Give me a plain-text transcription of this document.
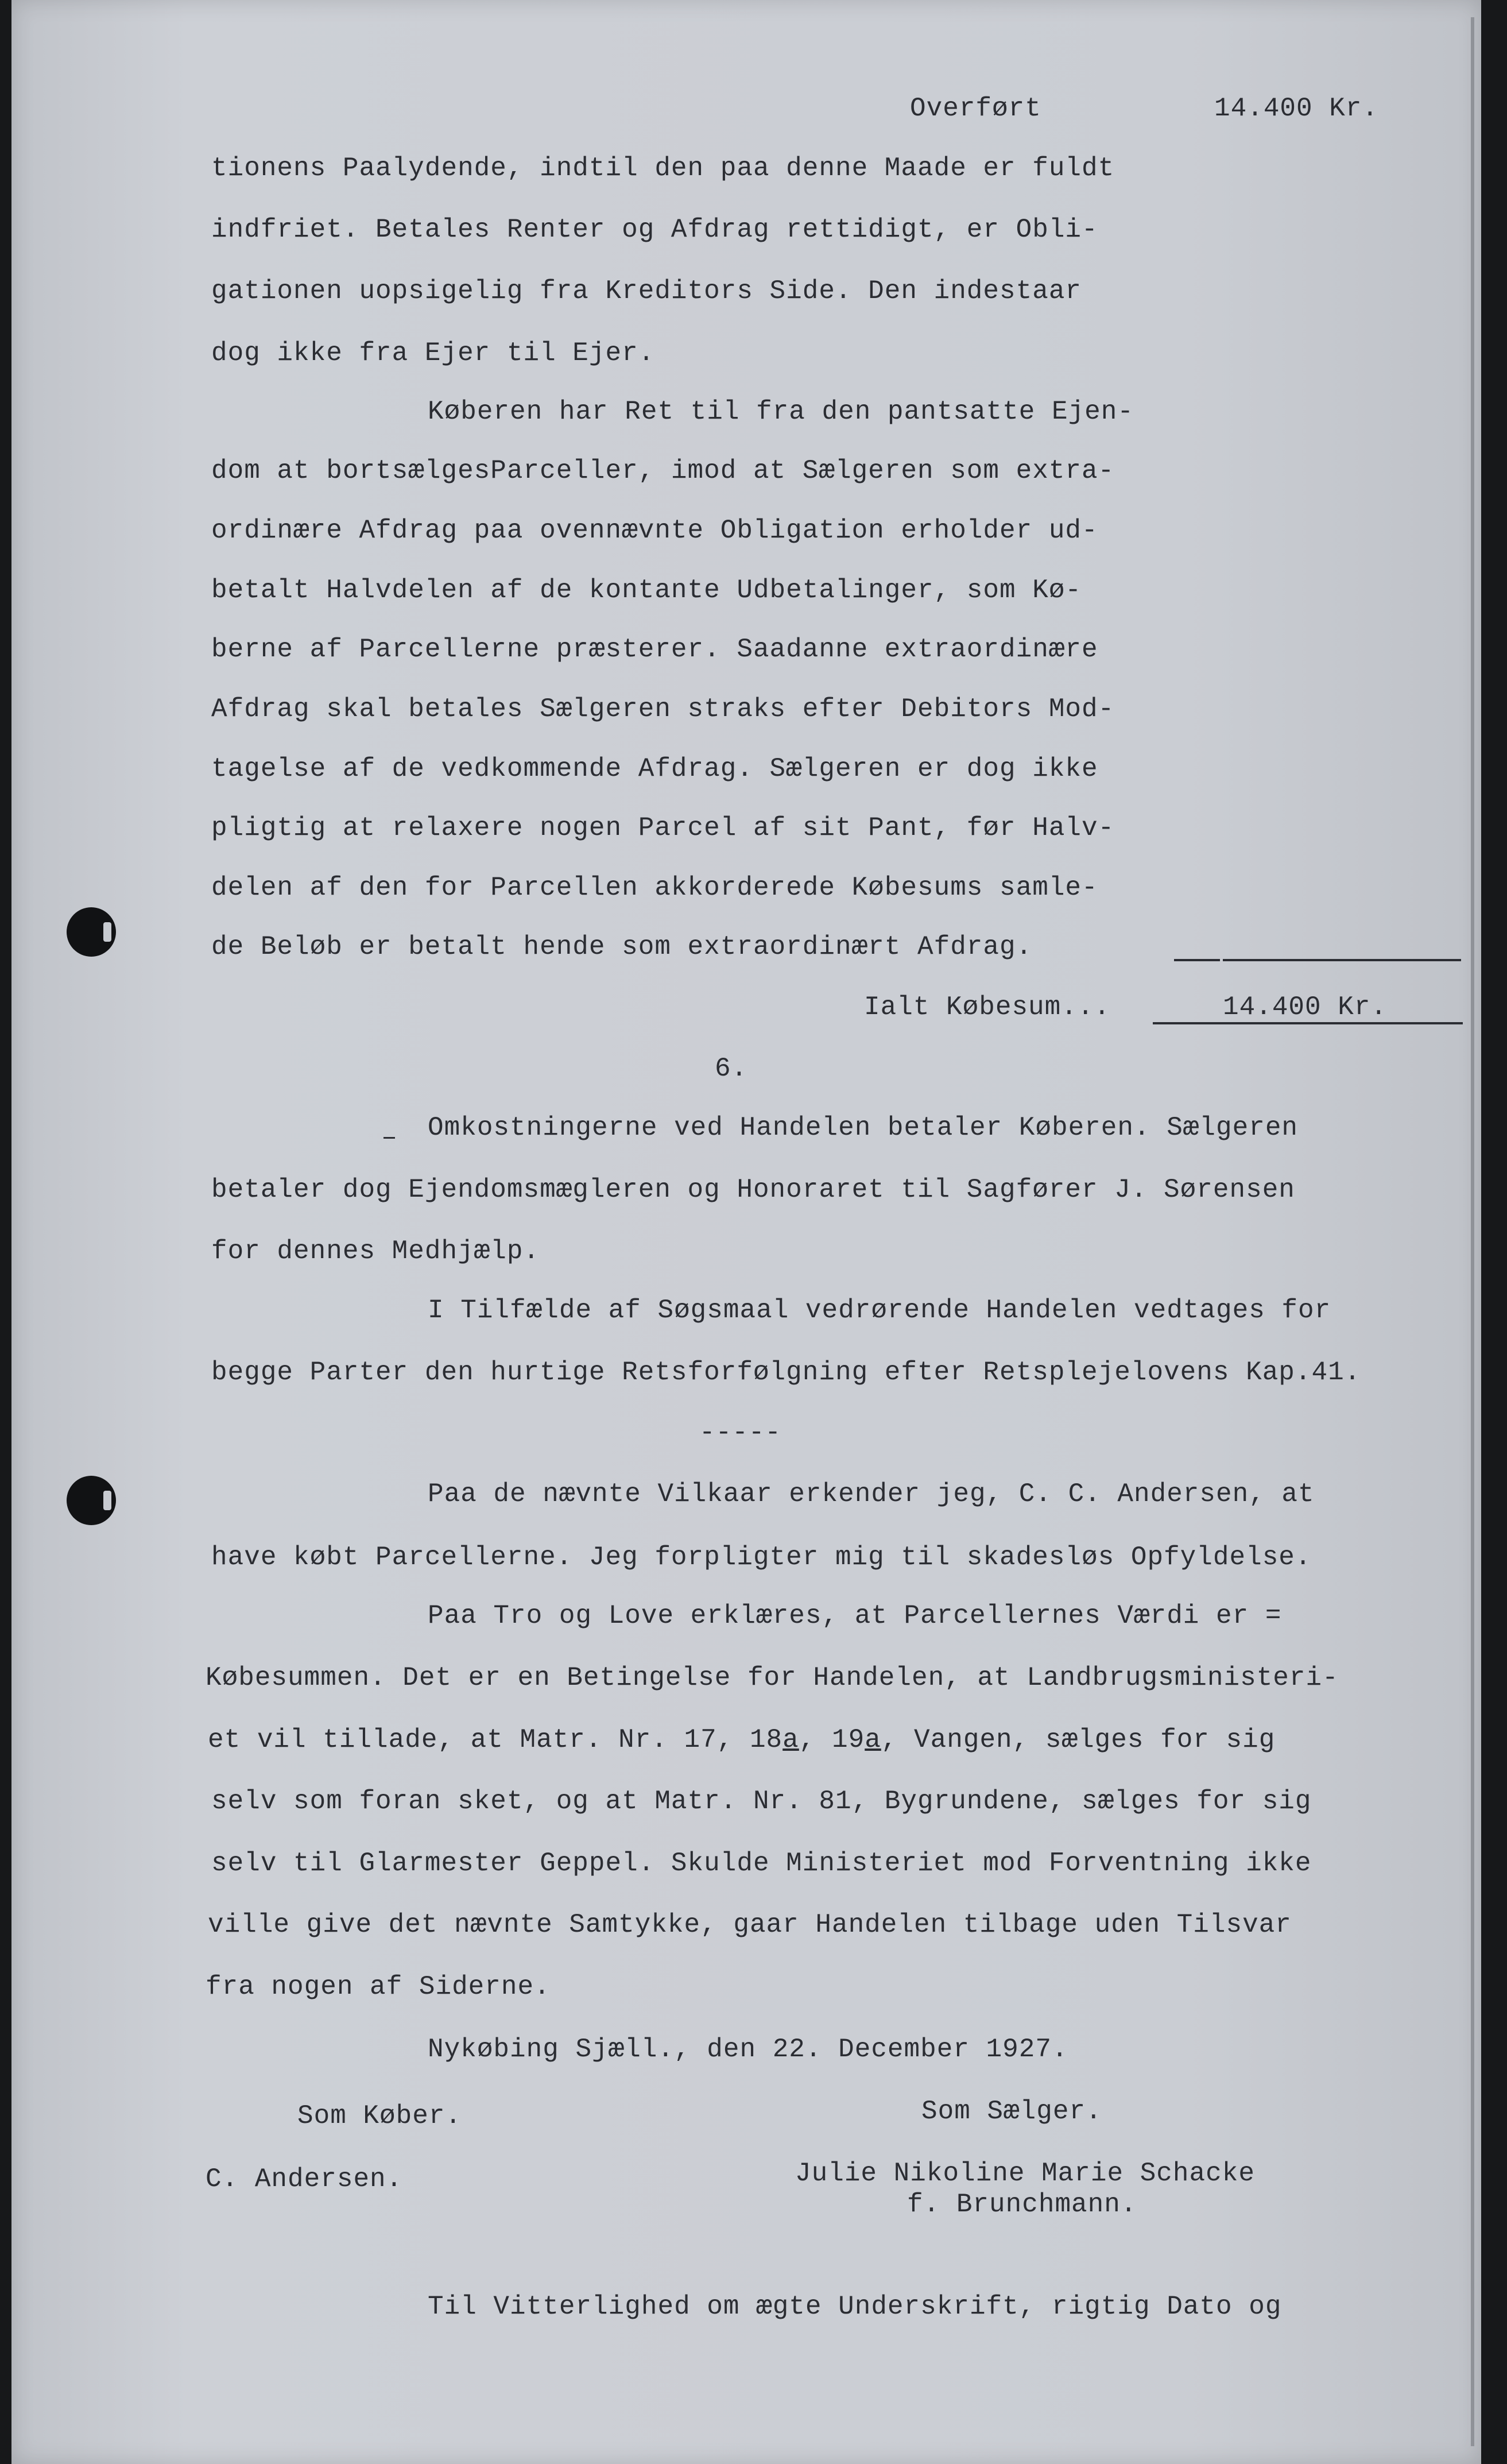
Overført	14.400 Kr.

tionens Paalydende, indtil den paa denne Maade er fuldt

indfriet. Betales Renter og Afdrag rettidigt, er Obli-

gationen uopsigelig fra Kreditors Side. Den indestaar

dog ikke fra Ejer til Ejer.

Køberen har Ret til fra den pantsatte Ejen-

dom at bortsælgesParceller, imod at Sælgeren som extra-

ordinære Afdrag paa ovennævnte Obligation erholder ud-

betalt Halvdelen af de kontante Udbetalinger, som Kø-

berne af Parcellerne præsterer. Saadanne extraordinære

Afdrag skal betales Sælgeren straks efter Debitors Mod-

tagelse af de vedkommende Afdrag. Sælgeren er dog ikke

pligtig at relaxere nogen Parcel af sit Pant, før Halv-

delen af den for Parcellen akkorderede Købesums samle-

de Beløb er betalt hende som extraordinært Afdrag.

Ialt Købesum...	14.400 Kr.

6.

Omkostningerne ved Handelen betaler Køberen. Sælgeren

betaler dog Ejendomsmægleren og Honoraret til Sagfører J. Sørensen

for dennes Medhjælp.

I Tilfælde af Søgsmaal vedrørende Handelen vedtages for

begge Parter den hurtige Retsforfølgning efter Retsplejelovens Kap.41.

-----

Paa de nævnte Vilkaar erkender jeg, C. C. Andersen, at

have købt Parcellerne. Jeg forpligter mig til skadesløs Opfyldelse.

Paa Tro og Love erklæres, at Parcellernes Værdi er =

Købesummen. Det er en Betingelse for Handelen, at Landbrugsministeri-

et vil tillade, at Matr. Nr. 17, 18a, 19a, Vangen, sælges for sig

selv som foran sket, og at Matr. Nr. 81, Bygrundene, sælges for sig

selv til Glarmester Geppel. Skulde Ministeriet mod Forventning ikke

ville give det nævnte Samtykke, gaar Handelen tilbage uden Tilsvar

fra nogen af Siderne.

Nykøbing Sjæll., den 22. December 1927.

Som Køber.	Som Sælger.

C. Andersen.	Julie Nikoline Marie Schacke

f. Brunchmann.

Til Vitterlighed om ægte Underskrift, rigtig Dato og
